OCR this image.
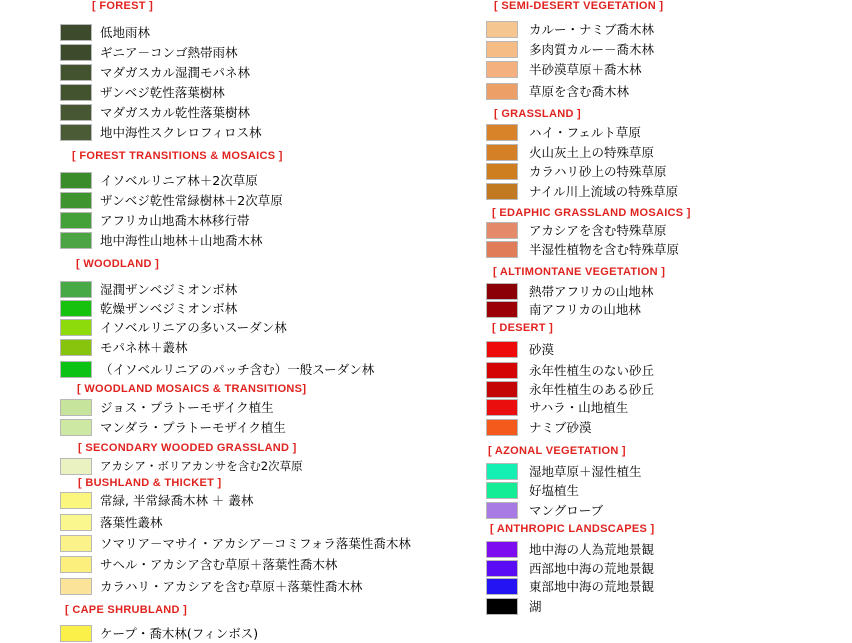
[ FOREST ]
低地雨林
ギニア－コンゴ熱帯雨林
マダガスカル湿潤モパネ林
ザンベジ乾性落葉樹林
マダガスカル乾性落葉樹林
地中海性スクレロフィロス林
[ FOREST TRANSITIONS & MOSAICS ]
イソベルリニア林＋2次草原
ザンベジ乾性常緑樹林＋2次草原
アフリカ山地喬木林移行帯
地中海性山地林＋山地喬木林
[ WOODLAND ]
湿潤ザンベジミオンボ林
乾燥ザンベジミオンボ林
イソベルリニアの多いスーダン林
モパネ林＋叢林
（イソベルリニアのパッチ含む）一般スーダン林
[ WOODLAND MOSAICS & TRANSITIONS]
ジョス・プラトーモザイク植生
マンダラ・プラトーモザイク植生
[ SECONDARY WOODED GRASSLAND ]
アカシア・ボリアカンサを含む2次草原
[ BUSHLAND & THICKET ]
常緑, 半常緑喬木林 ＋ 叢林
落葉性叢林
ソマリア－マサイ・アカシア－コミフォラ落葉性喬木林
サヘル・アカシア含む草原＋落葉性喬木林
カラハリ・アカシアを含む草原＋落葉性喬木林
[ CAPE SHRUBLAND ]
ケープ・喬木林(フィンボス)
[ SEMI-DESERT VEGETATION ]
カルー・ナミブ喬木林
多肉質カルー－喬木林
半砂漠草原＋喬木林
草原を含む喬木林
[ GRASSLAND ]
ハイ・フェルト草原
火山灰土上の特殊草原
カラハリ砂上の特殊草原
ナイル川上流域の特殊草原
[ EDAPHIC GRASSLAND MOSAICS ]
アカシアを含む特殊草原
半湿性植物を含む特殊草原
[ ALTIMONTANE VEGETATION ]
熱帯アフリカの山地林
南アフリカの山地林
[ DESERT ]
砂漠
永年性植生のない砂丘
永年性植生のある砂丘
サハラ・山地植生
ナミブ砂漠
[ AZONAL VEGETATION ]
湿地草原＋湿性植生
好塩植生
マングローブ
[ ANTHROPIC LANDSCAPES ]
地中海の人為荒地景観
西部地中海の荒地景観
東部地中海の荒地景観
湖
